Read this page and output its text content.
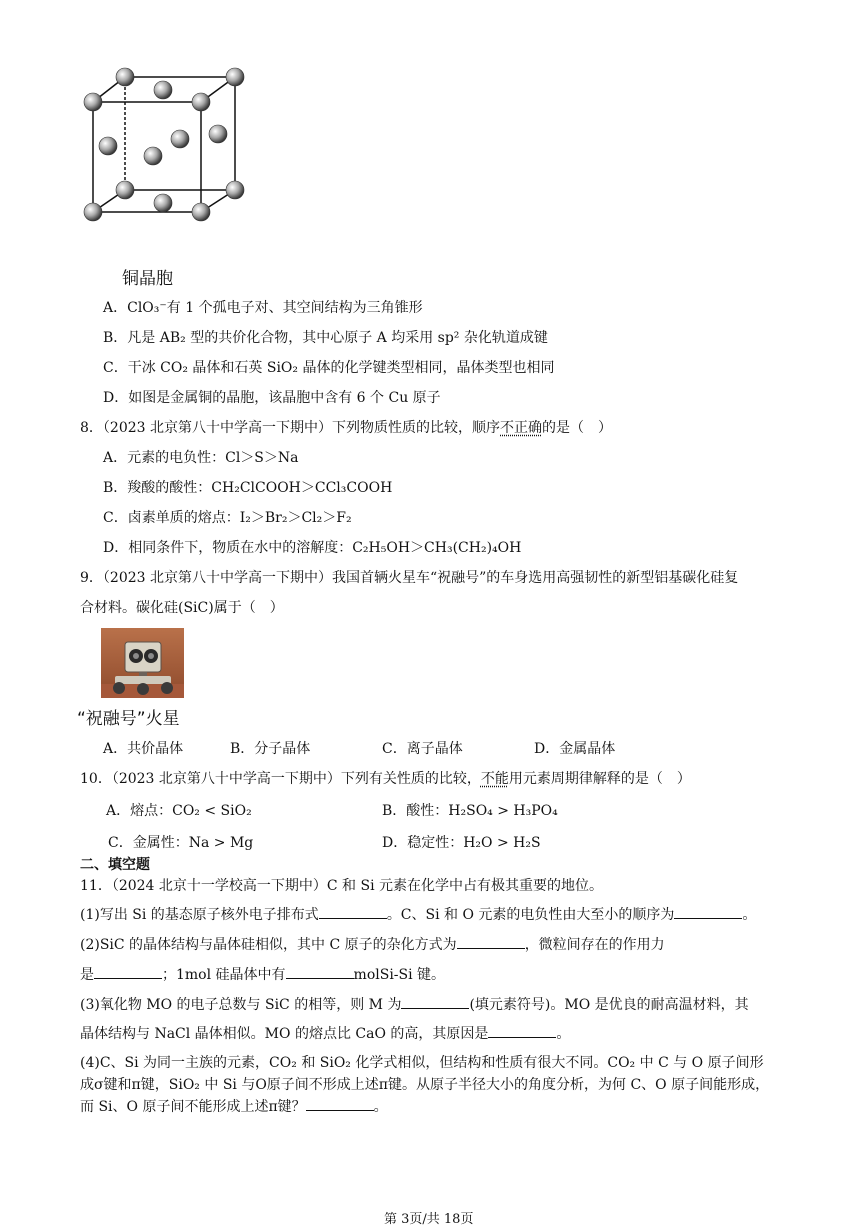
铜晶胞
A．ClO₃⁻有 1 个孤电子对、其空间结构为三角锥形
B．凡是 AB₂ 型的共价化合物，其中心原子 A 均采用 sp² 杂化轨道成键
C．干冰 CO₂ 晶体和石英 SiO₂ 晶体的化学键类型相同，晶体类型也相同
D．如图是金属铜的晶胞，该晶胞中含有 6 个 Cu 原子
8．（2023 北京第八十中学高一下期中）下列物质性质的比较，顺序不正确的是（　）
A．元素的电负性：Cl＞S＞Na
B．羧酸的酸性：CH₂ClCOOH＞CCl₃COOH
C．卤素单质的熔点：I₂＞Br₂＞Cl₂＞F₂
D．相同条件下，物质在水中的溶解度：C₂H₅OH＞CH₃(CH₂)₄OH
9．（2023 北京第八十中学高一下期中）我国首辆火星车“祝融号”的车身选用高强韧性的新型铝基碳化硅复
合材料。碳化硅(SiC)属于（　）
“祝融号”火星
A．共价晶体	B．分子晶体	C．离子晶体	D．金属晶体
10．（2023 北京第八十中学高一下期中）下列有关性质的比较，不能用元素周期律解释的是（　）
A．熔点：CO₂ < SiO₂	B．酸性：H₂SO₄ > H₃PO₄
C．金属性：Na > Mg	D．稳定性：H₂O > H₂S
二、填空题
11．（2024 北京十一学校高一下期中）C 和 Si 元素在化学中占有极其重要的地位。
(1)写出 Si 的基态原子核外电子排布式	。C、Si 和 O 元素的电负性由大至小的顺序为	。
(2)SiC 的晶体结构与晶体硅相似，其中 C 原子的杂化方式为	，微粒间存在的作用力
是	；1mol 硅晶体中有	molSi-Si 键。
(3)氧化物 MO 的电子总数与 SiC 的相等，则 M 为	(填元素符号)。MO 是优良的耐高温材料，其
晶体结构与 NaCl 晶体相似。MO 的熔点比 CaO 的高，其原因是	。
(4)C、Si 为同一主族的元素，CO₂ 和 SiO₂ 化学式相似，但结构和性质有很大不同。CO₂ 中 C 与 O 原子间形
成σ键和π键，SiO₂ 中 Si 与O原子间不形成上述π键。从原子半径大小的角度分析，为何 C、O 原子间能形成，
而 Si、O 原子间不能形成上述π键？	。
第 3页/共 18页
